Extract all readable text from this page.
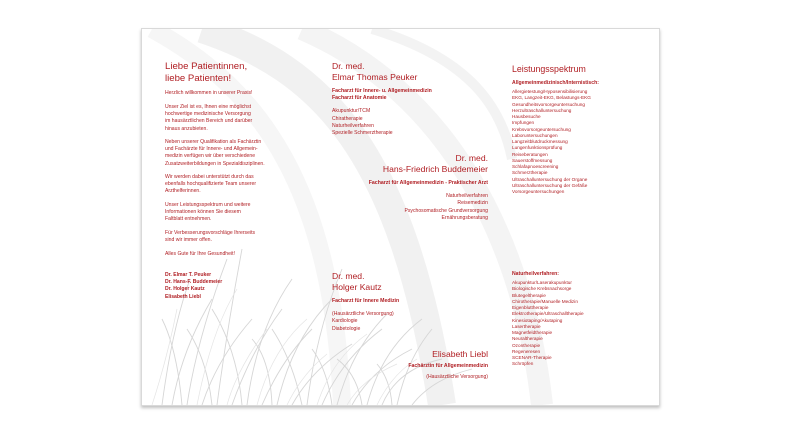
Liebe Patientinnen,
liebe Patienten!
Herzlich willkommen in unserer Praxis!
Unser Ziel ist es, Ihnen eine möglichst
hochwertige medizinische Versorgung
im hausärztlichen Bereich und darüber
hinaus anzubieten.
Neben unserer Qualifikation als Fachärztin
und Fachärzte für Innere- und Allgemein-
medizin verfügen wir über verschiedene
Zusatzweiterbildungen in Spezialdisziplinen.
Wir werden dabei unterstützt durch das
ebenfalls hochqualifizierte Team unserer
Arzthelferinnen.
Unser Leistungsspektrum und weitere
Informationen können Sie diesem
Faltblatt entnehmen.
Für Verbesserungsvorschläge Ihrerseits
sind wir immer offen.
Alles Gute für Ihre Gesundheit!
Dr. Elmar T. Peuker
Dr. Hans-F. Buddemeier
Dr. Holger Kautz
Elisabeth Liebl
Dr. med.
Elmar Thomas Peuker
Facharzt für Innere- u. Allgemeinmedizin
Facharzt für Anatomie
Akupunktur/TCM
Chiratherapie
Naturheilverfahren
Spezielle Schmerztherapie
Dr. med.
Hans-Friedrich Buddemeier
Facharzt für Allgemeinmedizin - Praktischer Arzt
Naturheilverfahren
Reisemedizin
Psychosomatische Grundversorgung
Ernährungsberatung
Dr. med.
Holger Kautz
Facharzt für Innere Medizin
(Hausärztliche Versorgung)
Kardiologie
Diabetologie
Elisabeth Liebl
Fachärztin für Allgemeinmedizin
(Hausärztliche Versorgung)
Leistungsspektrum
Allgemeinmedizinisch/Internistisch:
Allergietestung/Hyposensibilisierung
EKG, Langzeit-EKG, Belastungs-EKG
Gesundheitsvorsorgeuntersuchung
Herzultraschalluntersuchung
Hausbesuche
Impfungen
Krebsvorsorgeuntersuchung
Laboruntersuchungen
Langzeitblutdruckmessung
Lungenfunktionsprüfung
Reiseberatungen
Sauerstoffmessung
Schlafapnoescreening
Schmerztherapie
Ultraschalluntersuchung der Organe
Ultraschalluntersuchung der Gefäße
Vorsorgeuntersuchungen
Naturheilverfahren:
Akupunktur/Laserakupunktur
Biologische Krebsnachsorge
Blutegeltherapie
Chirotherapie/Manuelle Medizin
Eigenbluttherapie
Elektrotherapie/Ultraschalltherapie
Kinesiotaping/Akutaping
Lasertherapie
Magnetfeldtherapie
Neuraltherapie
Ozontherapie
Regeneresen
SCENAR-Therapie
Schröpfen
